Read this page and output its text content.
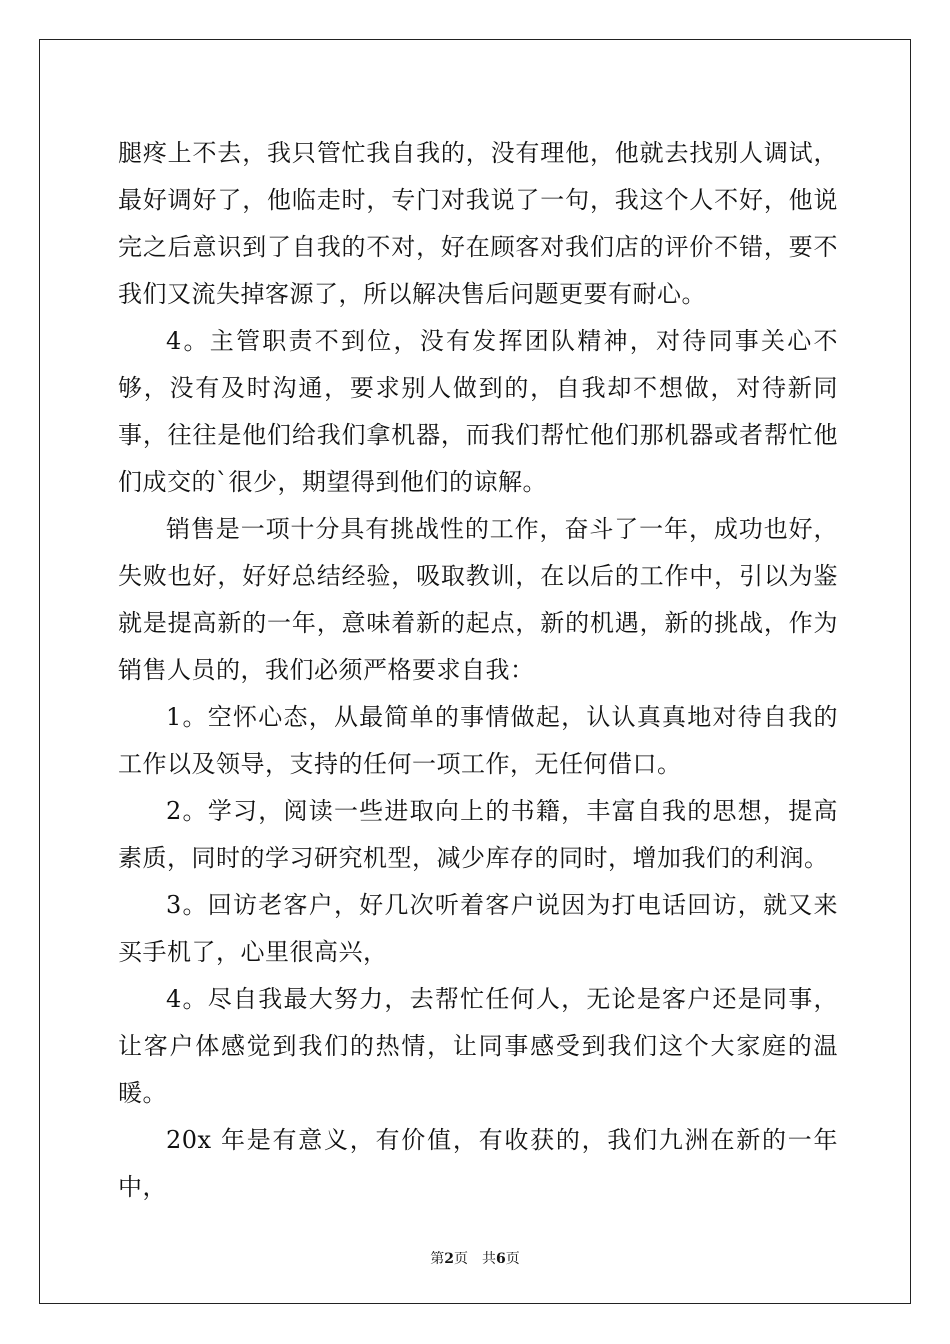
腿疼上不去，我只管忙我自我的，没有理他，他就去找别人调试，最好调好了，他临走时，专门对我说了一句，我这个人不好，他说完之后意识到了自我的不对，好在顾客对我们店的评价不错，要不我们又流失掉客源了，所以解决售后问题更要有耐心。

4。主管职责不到位，没有发挥团队精神，对待同事关心不够，没有及时沟通，要求别人做到的，自我却不想做，对待新同事，往往是他们给我们拿机器，而我们帮忙他们那机器或者帮忙他们成交的`很少，期望得到他们的谅解。

销售是一项十分具有挑战性的工作，奋斗了一年，成功也好，失败也好，好好总结经验，吸取教训，在以后的工作中，引以为鉴就是提高新的一年，意味着新的起点，新的机遇，新的挑战，作为销售人员的，我们必须严格要求自我：

1。空怀心态，从最简单的事情做起，认认真真地对待自我的工作以及领导，支持的任何一项工作，无任何借口。

2。学习，阅读一些进取向上的书籍，丰富自我的思想，提高素质，同时的学习研究机型，减少库存的同时，增加我们的利润。

3。回访老客户，好几次听着客户说因为打电话回访，就又来买手机了，心里很高兴，

4。尽自我最大努力，去帮忙任何人，无论是客户还是同事，让客户体感觉到我们的热情，让同事感受到我们这个大家庭的温暖。

20x 年是有意义，有价值，有收获的，我们九洲在新的一年中，

第2页 共6页
